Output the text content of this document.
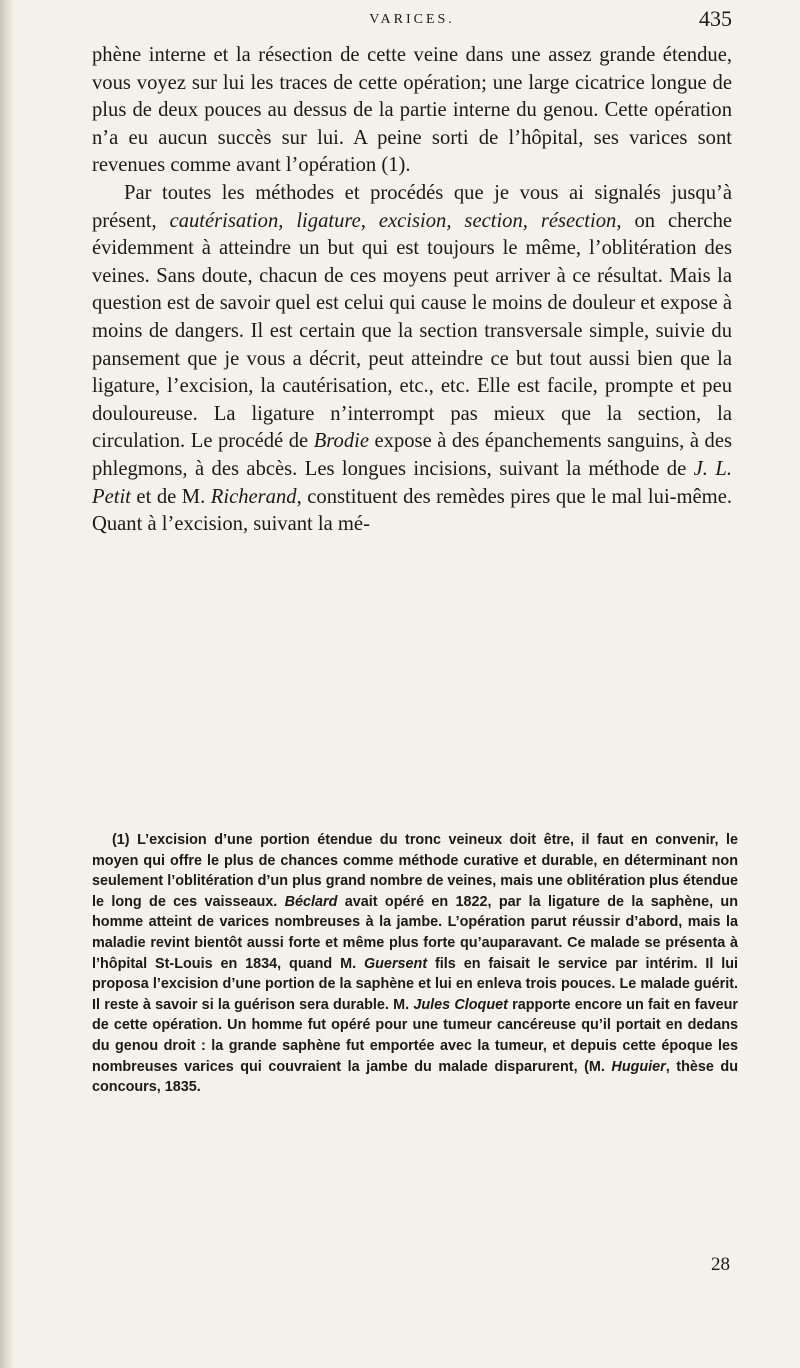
VARICES.	435

phène interne et la résection de cette veine dans une assez grande étendue, vous voyez sur lui les traces de cette opération; une large cicatrice longue de plus de deux pouces au dessus de la partie interne du genou. Cette opération n’a eu aucun succès sur lui. A peine sorti de l’hôpital, ses varices sont revenues comme avant l’opération (1).

Par toutes les méthodes et procédés que je vous ai signalés jusqu’à présent, cautérisation, ligature, excision, section, résection, on cherche évidemment à atteindre un but qui est toujours le même, l’oblitération des veines. Sans doute, chacun de ces moyens peut arriver à ce résultat. Mais la question est de savoir quel est celui qui cause le moins de douleur et expose à moins de dangers. Il est certain que la section transversale simple, suivie du pansement que je vous a décrit, peut atteindre ce but tout aussi bien que la ligature, l’excision, la cautérisation, etc., etc. Elle est facile, prompte et peu douloureuse. La ligature n’interrompt pas mieux que la section, la circulation. Le procédé de Brodie expose à des épanchements sanguins, à des phlegmons, à des abcès. Les longues incisions, suivant la méthode de J. L. Petit et de M. Richerand, constituent des remèdes pires que le mal lui-même. Quant à l’excision, suivant la mé-

(1) L’excision d’une portion étendue du tronc veineux doit être, il faut en convenir, le moyen qui offre le plus de chances comme méthode curative et durable, en déterminant non seulement l’oblitération d’un plus grand nombre de veines, mais une oblitération plus étendue le long de ces vaisseaux. Béclard avait opéré en 1822, par la ligature de la saphène, un homme atteint de varices nombreuses à la jambe. L’opération parut réussir d’abord, mais la maladie revint bientôt aussi forte et même plus forte qu’auparavant. Ce malade se présenta à l’hôpital St-Louis en 1834, quand M. Guersent fils en faisait le service par intérim. Il lui proposa l’excision d’une portion de la saphène et lui en enleva trois pouces. Le malade guérit. Il reste à savoir si la guérison sera durable. M. Jules Cloquet rapporte encore un fait en faveur de cette opération. Un homme fut opéré pour une tumeur cancéreuse qu’il portait en dedans du genou droit : la grande saphène fut emportée avec la tumeur, et depuis cette époque les nombreuses varices qui couvraient la jambe du malade disparurent, (M. Huguier, thèse du concours, 1835.

28
